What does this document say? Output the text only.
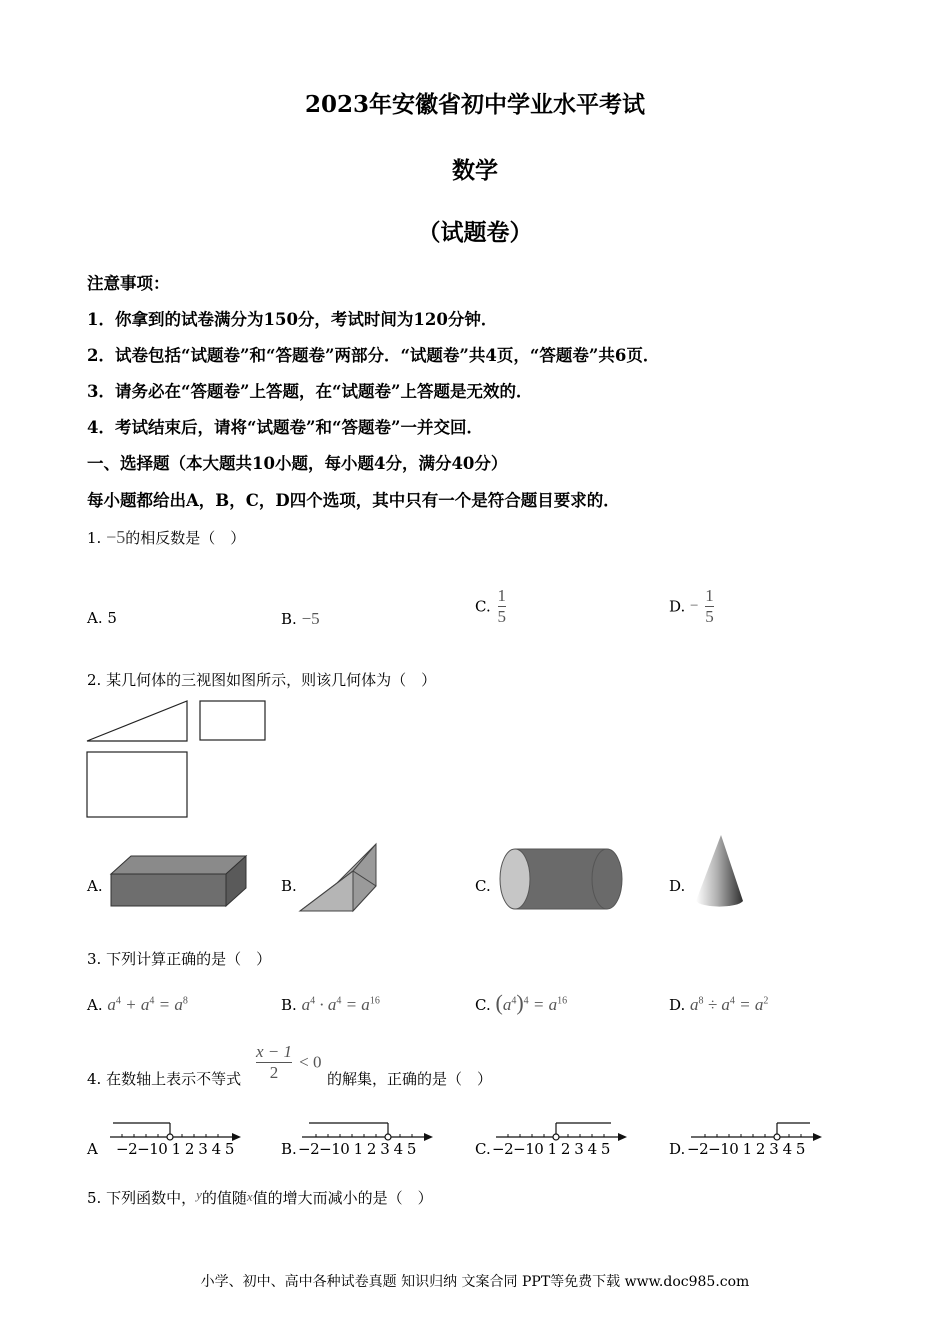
2023年安徽省初中学业水平考试
数学
（试题卷）
注意事项：
1．你拿到的试卷满分为150分，考试时间为120分钟．
2．试卷包括“试题卷”和“答题卷”两部分．“试题卷”共4页，“答题卷”共6页．
3．请务必在“答题卷”上答题，在“试题卷”上答题是无效的．
4．考试结束后，请将“试题卷”和“答题卷”一并交回．
一、选择题（本大题共10小题，每小题4分，满分40分）
每小题都给出A，B，C，D四个选项，其中只有一个是符合题目要求的．
1. −5的相反数是（　）
A. 5	B. −5
C. $\frac{1}{5}$	D. − $\frac{1}{5}$
2. 某几何体的三视图如图所示，则该几何体为（　）
A.	B.	C.	D.
3. 下列计算正确的是（　）
A. $a^4 + a^4 = a^8$	B. $a^4 \cdot a^4 = a^{16}$	C. $(a^4)^4 = a^{16}$	D. $a^8 \div a^4 = a^2$
4. 在数轴上表示不等式 $\frac{x - 1}{2} < 0$
的解集，正确的是（　）
A −2−10 1 2 3 4 5	B. −2−10 1 2 3 4 5	C. −2−10 1 2 3 4 5	D. −2−10 1 2 3 4 5
5. 下列函数中，y的值随x值的增大而减小的是（　）
小学、初中、高中各种试卷真题 知识归纳 文案合同 PPT等免费下载 www.doc985.com
